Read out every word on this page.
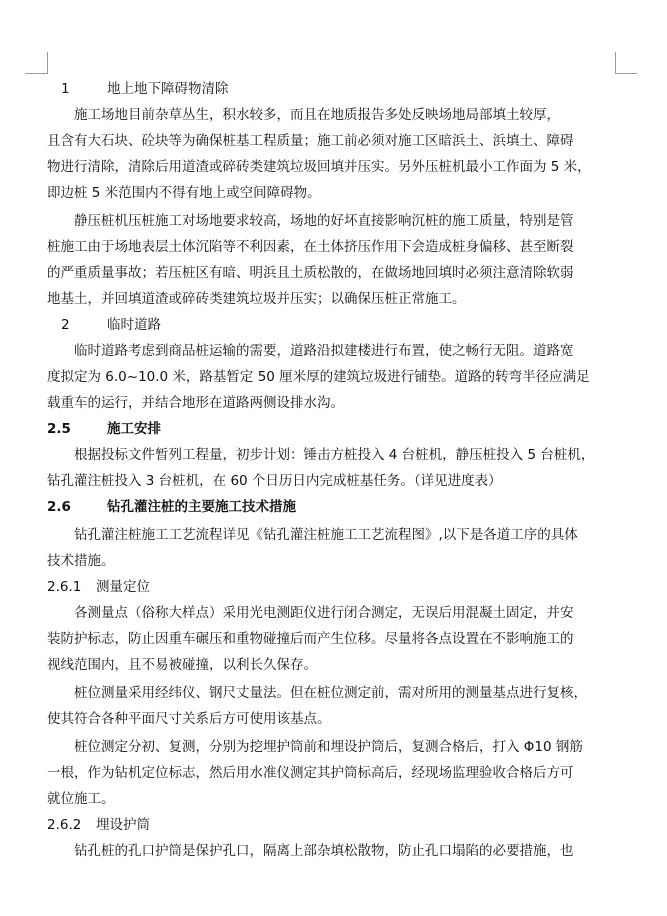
1	地上地下障碍物清除
施工场地目前杂草丛生，积水较多，而且在地质报告多处反映场地局部填土较厚，
且含有大石块、砼块等为确保桩基工程质量；施工前必须对施工区暗浜土、浜填土、障碍
物进行清除，清除后用道渣或碎砖类建筑垃圾回填并压实。另外压桩机最小工作面为 5 米，
即边桩 5 米范围内不得有地上或空间障碍物。
静压桩机压桩施工对场地要求较高，场地的好坏直接影响沉桩的施工质量，特别是管
桩施工由于场地表层土体沉陷等不利因素，在土体挤压作用下会造成桩身偏移、甚至断裂
的严重质量事故；若压桩区有暗、明浜且土质松散的，在做场地回填时必须注意清除软弱
地基土，并回填道渣或碎砖类建筑垃圾并压实；以确保压桩正常施工。
2	临时道路
临时道路考虑到商品桩运输的需要，道路沿拟建楼进行布置，使之畅行无阻。道路宽
度拟定为 6.0~10.0 米，路基暂定 50 厘米厚的建筑垃圾进行铺垫。道路的转弯半径应满足
载重车的运行，并结合地形在道路两侧设排水沟。
2.5	施工安排
根据投标文件暂列工程量，初步计划：锤击方桩投入 4 台桩机，静压桩投入 5 台桩机，
钻孔灌注桩投入 3 台桩机，在 60 个日历日内完成桩基任务。（详见进度表）
2.6	钻孔灌注桩的主要施工技术措施
钻孔灌注桩施工工艺流程详见《钻孔灌注桩施工工艺流程图》,以下是各道工序的具体
技术措施。
2.6.1 测量定位
各测量点（俗称大样点）采用光电测距仪进行闭合测定，无误后用混凝土固定，并安
装防护标志，防止因重车碾压和重物碰撞后而产生位移。尽量将各点设置在不影响施工的
视线范围内，且不易被碰撞，以利长久保存。
桩位测量采用经纬仪、钢尺丈量法。但在桩位测定前，需对所用的测量基点进行复核，
使其符合各种平面尺寸关系后方可使用该基点。
桩位测定分初、复测，分别为挖埋护筒前和埋设护筒后，复测合格后，打入 Φ10 钢筋
一根，作为钻机定位标志，然后用水准仪测定其护筒标高后，经现场监理验收合格后方可
就位施工。
2.6.2 埋设护筒
钻孔桩的孔口护筒是保护孔口，隔离上部杂填松散物，防止孔口塌陷的必要措施，也
